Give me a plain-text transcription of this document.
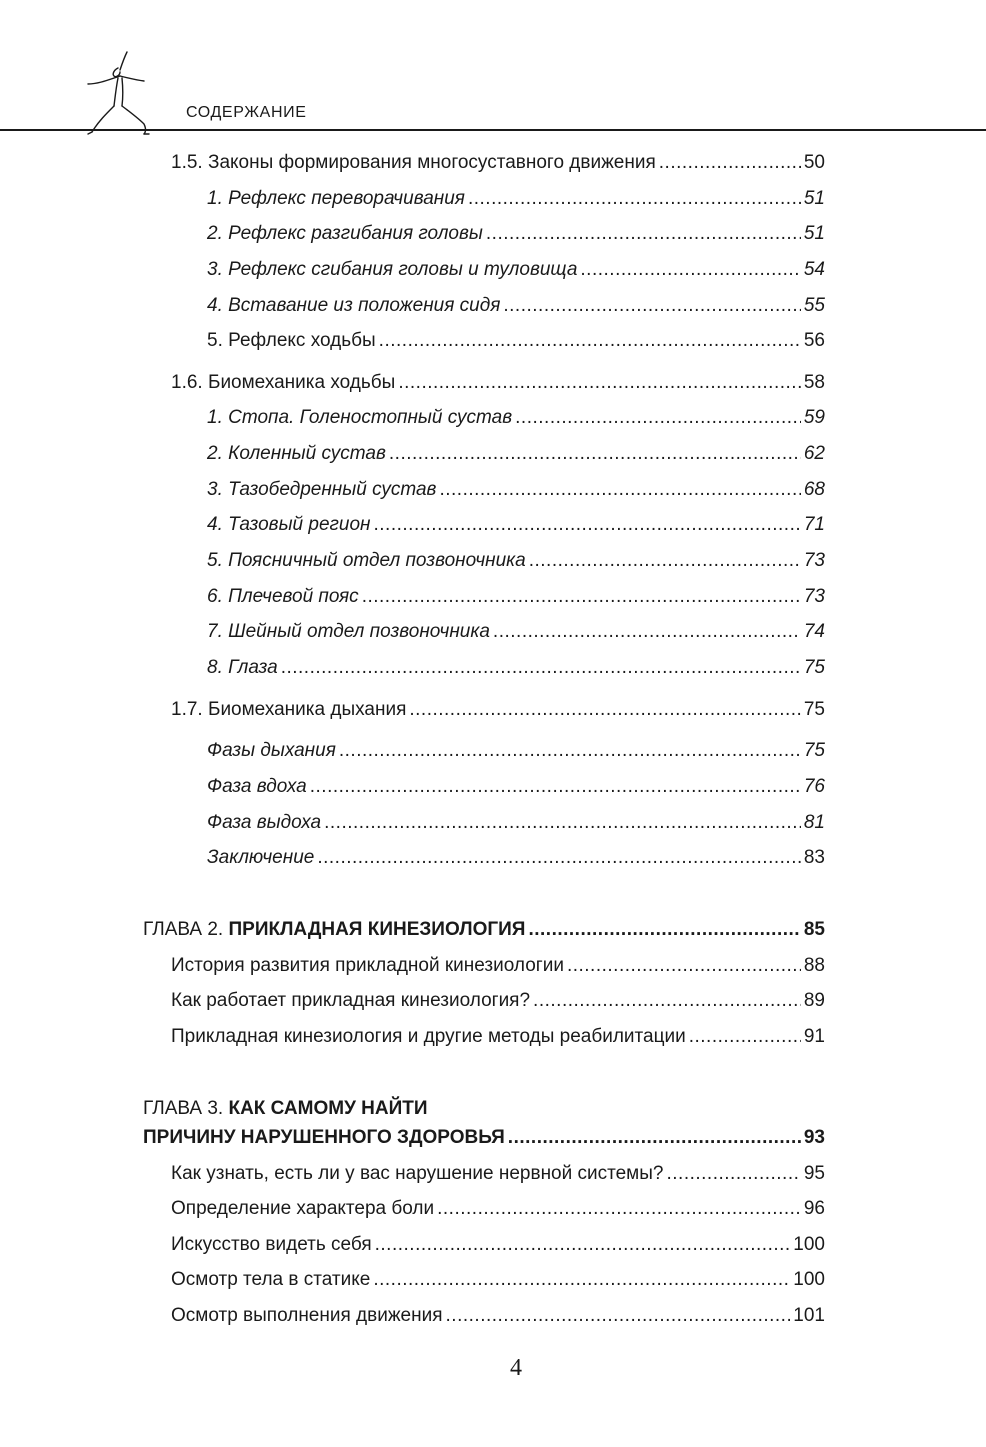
СОДЕРЖАНИЕ
1.5. Законы формирования многосуставного движения .....	50
1. Рефлекс переворачивания .....	51
2. Рефлекс разгибания головы .....	51
3. Рефлекс сгибания головы и туловища .....	54
4. Вставание из положения сидя .....	55
5. Рефлекс ходьбы .....	56
1.6. Биомеханика ходьбы .....	58
1. Стопа. Голеностопный сустав .....	59
2. Коленный сустав .....	62
3. Тазобедренный сустав .....	68
4. Тазовый регион .....	71
5. Поясничный отдел позвоночника .....	73
6. Плечевой пояс .....	73
7. Шейный отдел позвоночника .....	74
8. Глаза .....	75
1.7. Биомеханика дыхания .....	75
Фазы дыхания .....	75
Фаза вдоха .....	76
Фаза выдоха .....	81
Заключение .....	83
ГЛАВА 2. ПРИКЛАДНАЯ КИНЕЗИОЛОГИЯ .....	85
История развития прикладной кинезиологии .....	88
Как работает прикладная кинезиология? .....	89
Прикладная кинезиология и другие методы реабилитации .....	91
ГЛАВА 3. КАК САМОМУ НАЙТИ
ПРИЧИНУ НАРУШЕННОГО ЗДОРОВЬЯ .....	93
Как узнать, есть ли у вас нарушение нервной системы? .....	95
Определение характера боли .....	96
Искусство видеть себя .....	100
Осмотр тела в статике .....	100
Осмотр выполнения движения .....	101
4
